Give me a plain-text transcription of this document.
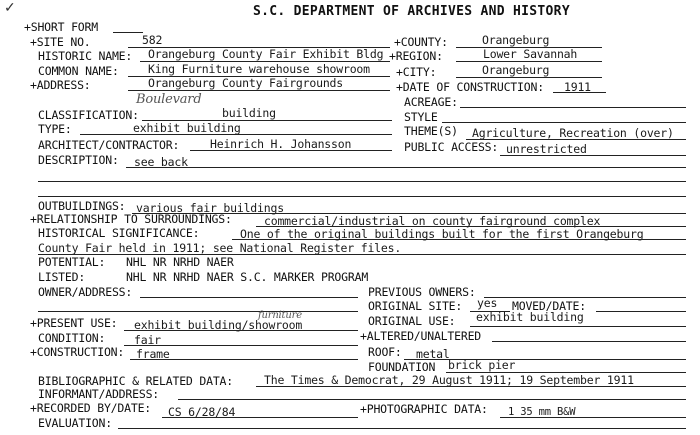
✓	S.C. DEPARTMENT OF ARCHIVES AND HISTORY
+SHORT FORM
+SITE NO.	582	+COUNTY:	Orangeburg
HISTORIC NAME: Orangeburg County Fair Exhibit Bldg +REGION:	Lower Savannah
COMMON NAME:	King Furniture warehouse showroom +CITY:	Orangeburg
+ADDRESS:	Orangeburg County Fairgrounds	+DATE OF CONSTRUCTION: 1911
Boulevard	ACREAGE:
CLASSIFICATION:	building	STYLE
TYPE:	exhibit building	THEME(S) Agriculture, Recreation (over)
ARCHITECT/CONTRACTOR:	Heinrich H. Johansson	PUBLIC ACCESS: unrestricted
DESCRIPTION: see back
OUTBUILDINGS: various fair buildings
+RELATIONSHIP TO SURROUNDINGS:	commercial/industrial on county fairground complex
HISTORICAL SIGNIFICANCE:	One of the original buildings built for the first Orangeburg
County Fair held in 1911; see National Register files.
POTENTIAL: NHL NR NRHD NAER
LISTED:	NHL NR NRHD NAER S.C. MARKER PROGRAM
OWNER/ADDRESS:	PREVIOUS OWNERS:
ORIGINAL SITE: yes MOVED/DATE:
+PRESENT USE:
furniture
exhibit building/showroom	ORIGINAL USE: exhibit building
CONDITION:	fair	+ALTERED/UNALTERED
+CONSTRUCTION: frame	ROOF: metal
FOUNDATION brick pier
BIBLIOGRAPHIC & RELATED DATA:	The Times & Democrat, 29 August 1911; 19 September 1911
INFORMANT/ADDRESS:
+RECORDED BY/DATE: CS 6/28/84	+PHOTOGRAPHIC DATA: 1 35 mm B&W
EVALUATION:
